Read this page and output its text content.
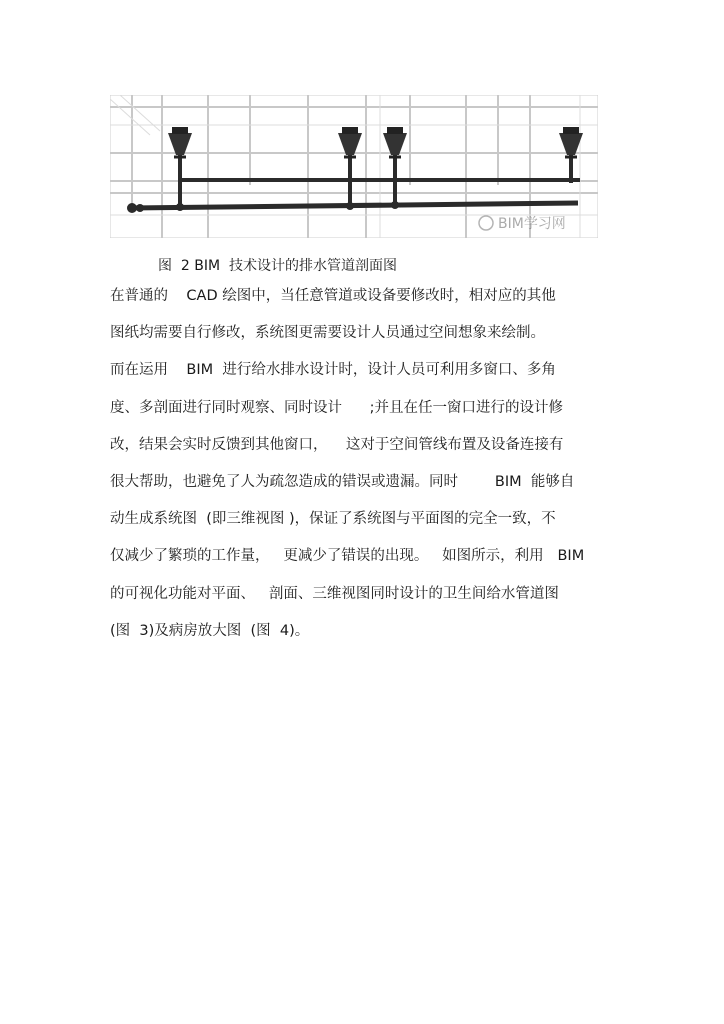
BIM学习网
图  2 BIM  技术设计的排水管道剖面图
在普通的    CAD 绘图中，当任意管道或设备要修改时，相对应的其他
图纸均需要自行修改，系统图更需要设计人员通过空间想象来绘制。
而在运用    BIM  进行给水排水设计时，设计人员可利用多窗口、多角
度、多剖面进行同时观察、同时设计      ;并且在任一窗口进行的设计修
改，结果会实时反馈到其他窗口，    这对于空间管线布置及设备连接有
很大帮助，也避免了人为疏忽造成的错误或遗漏。同时        BIM  能够自
动生成系统图  (即三维视图 )，保证了系统图与平面图的完全一致，不
仅减少了繁琐的工作量，   更减少了错误的出现。   如图所示，利用   BIM
的可视化功能对平面、   剖面、三维视图同时设计的卫生间给水管道图
(图  3)及病房放大图  (图  4)。
